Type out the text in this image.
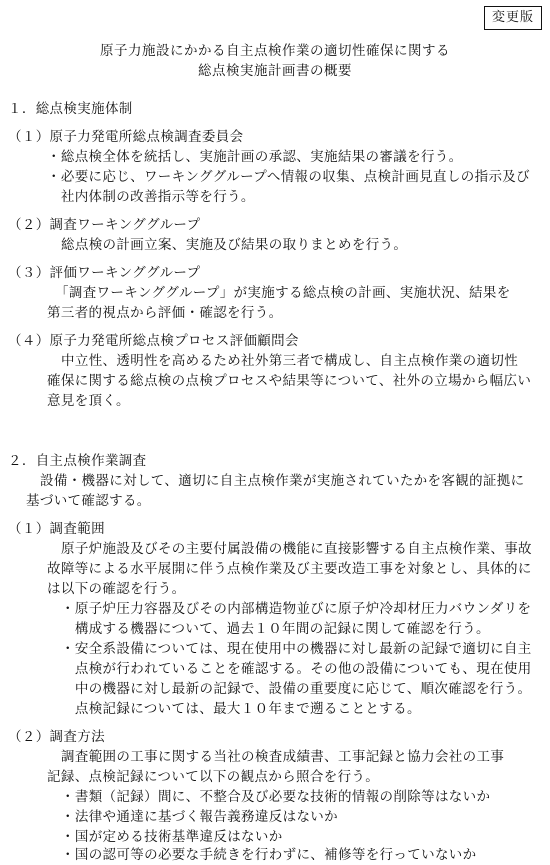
変更版
原子力施設にかかる自主点検作業の適切性確保に関する
総点検実施計画書の概要
１．総点検実施体制
（１）原子力発電所総点検調査委員会
・総点検全体を統括し、実施計画の承認、実施結果の審議を行う。
・必要に応じ、ワーキンググループへ情報の収集、点検計画見直しの指示及び
　社内体制の改善指示等を行う。
（２）調査ワーキンググループ
総点検の計画立案、実施及び結果の取りまとめを行う。
（３）評価ワーキンググループ
「調査ワーキンググループ」が実施する総点検の計画、実施状況、結果を
第三者的視点から評価・確認を行う。
（４）原子力発電所総点検プロセス評価顧問会
中立性、透明性を高めるため社外第三者で構成し、自主点検作業の適切性
確保に関する総点検の点検プロセスや結果等について、社外の立場から幅広い
意見を頂く。
２．自主点検作業調査
設備・機器に対して、適切に自主点検作業が実施されていたかを客観的証拠に
基づいて確認する。
（１）調査範囲
原子炉施設及びその主要付属設備の機能に直接影響する自主点検作業、事故
故障等による水平展開に伴う点検作業及び主要改造工事を対象とし、具体的に
は以下の確認を行う。
・原子炉圧力容器及びその内部構造物並びに原子炉冷却材圧力バウンダリを
　構成する機器について、過去１０年間の記録に関して確認を行う。
・安全系設備については、現在使用中の機器に対し最新の記録で適切に自主
　点検が行われていることを確認する。その他の設備についても、現在使用
　中の機器に対し最新の記録で、設備の重要度に応じて、順次確認を行う。
　点検記録については、最大１０年まで遡ることとする。
（２）調査方法
調査範囲の工事に関する当社の検査成績書、工事記録と協力会社の工事
記録、点検記録について以下の観点から照合を行う。
・書類（記録）間に、不整合及び必要な技術的情報の削除等はないか
・法律や通達に基づく報告義務違反はないか
・国が定める技術基準違反はないか
・国の認可等の必要な手続きを行わずに、補修等を行っていないか
